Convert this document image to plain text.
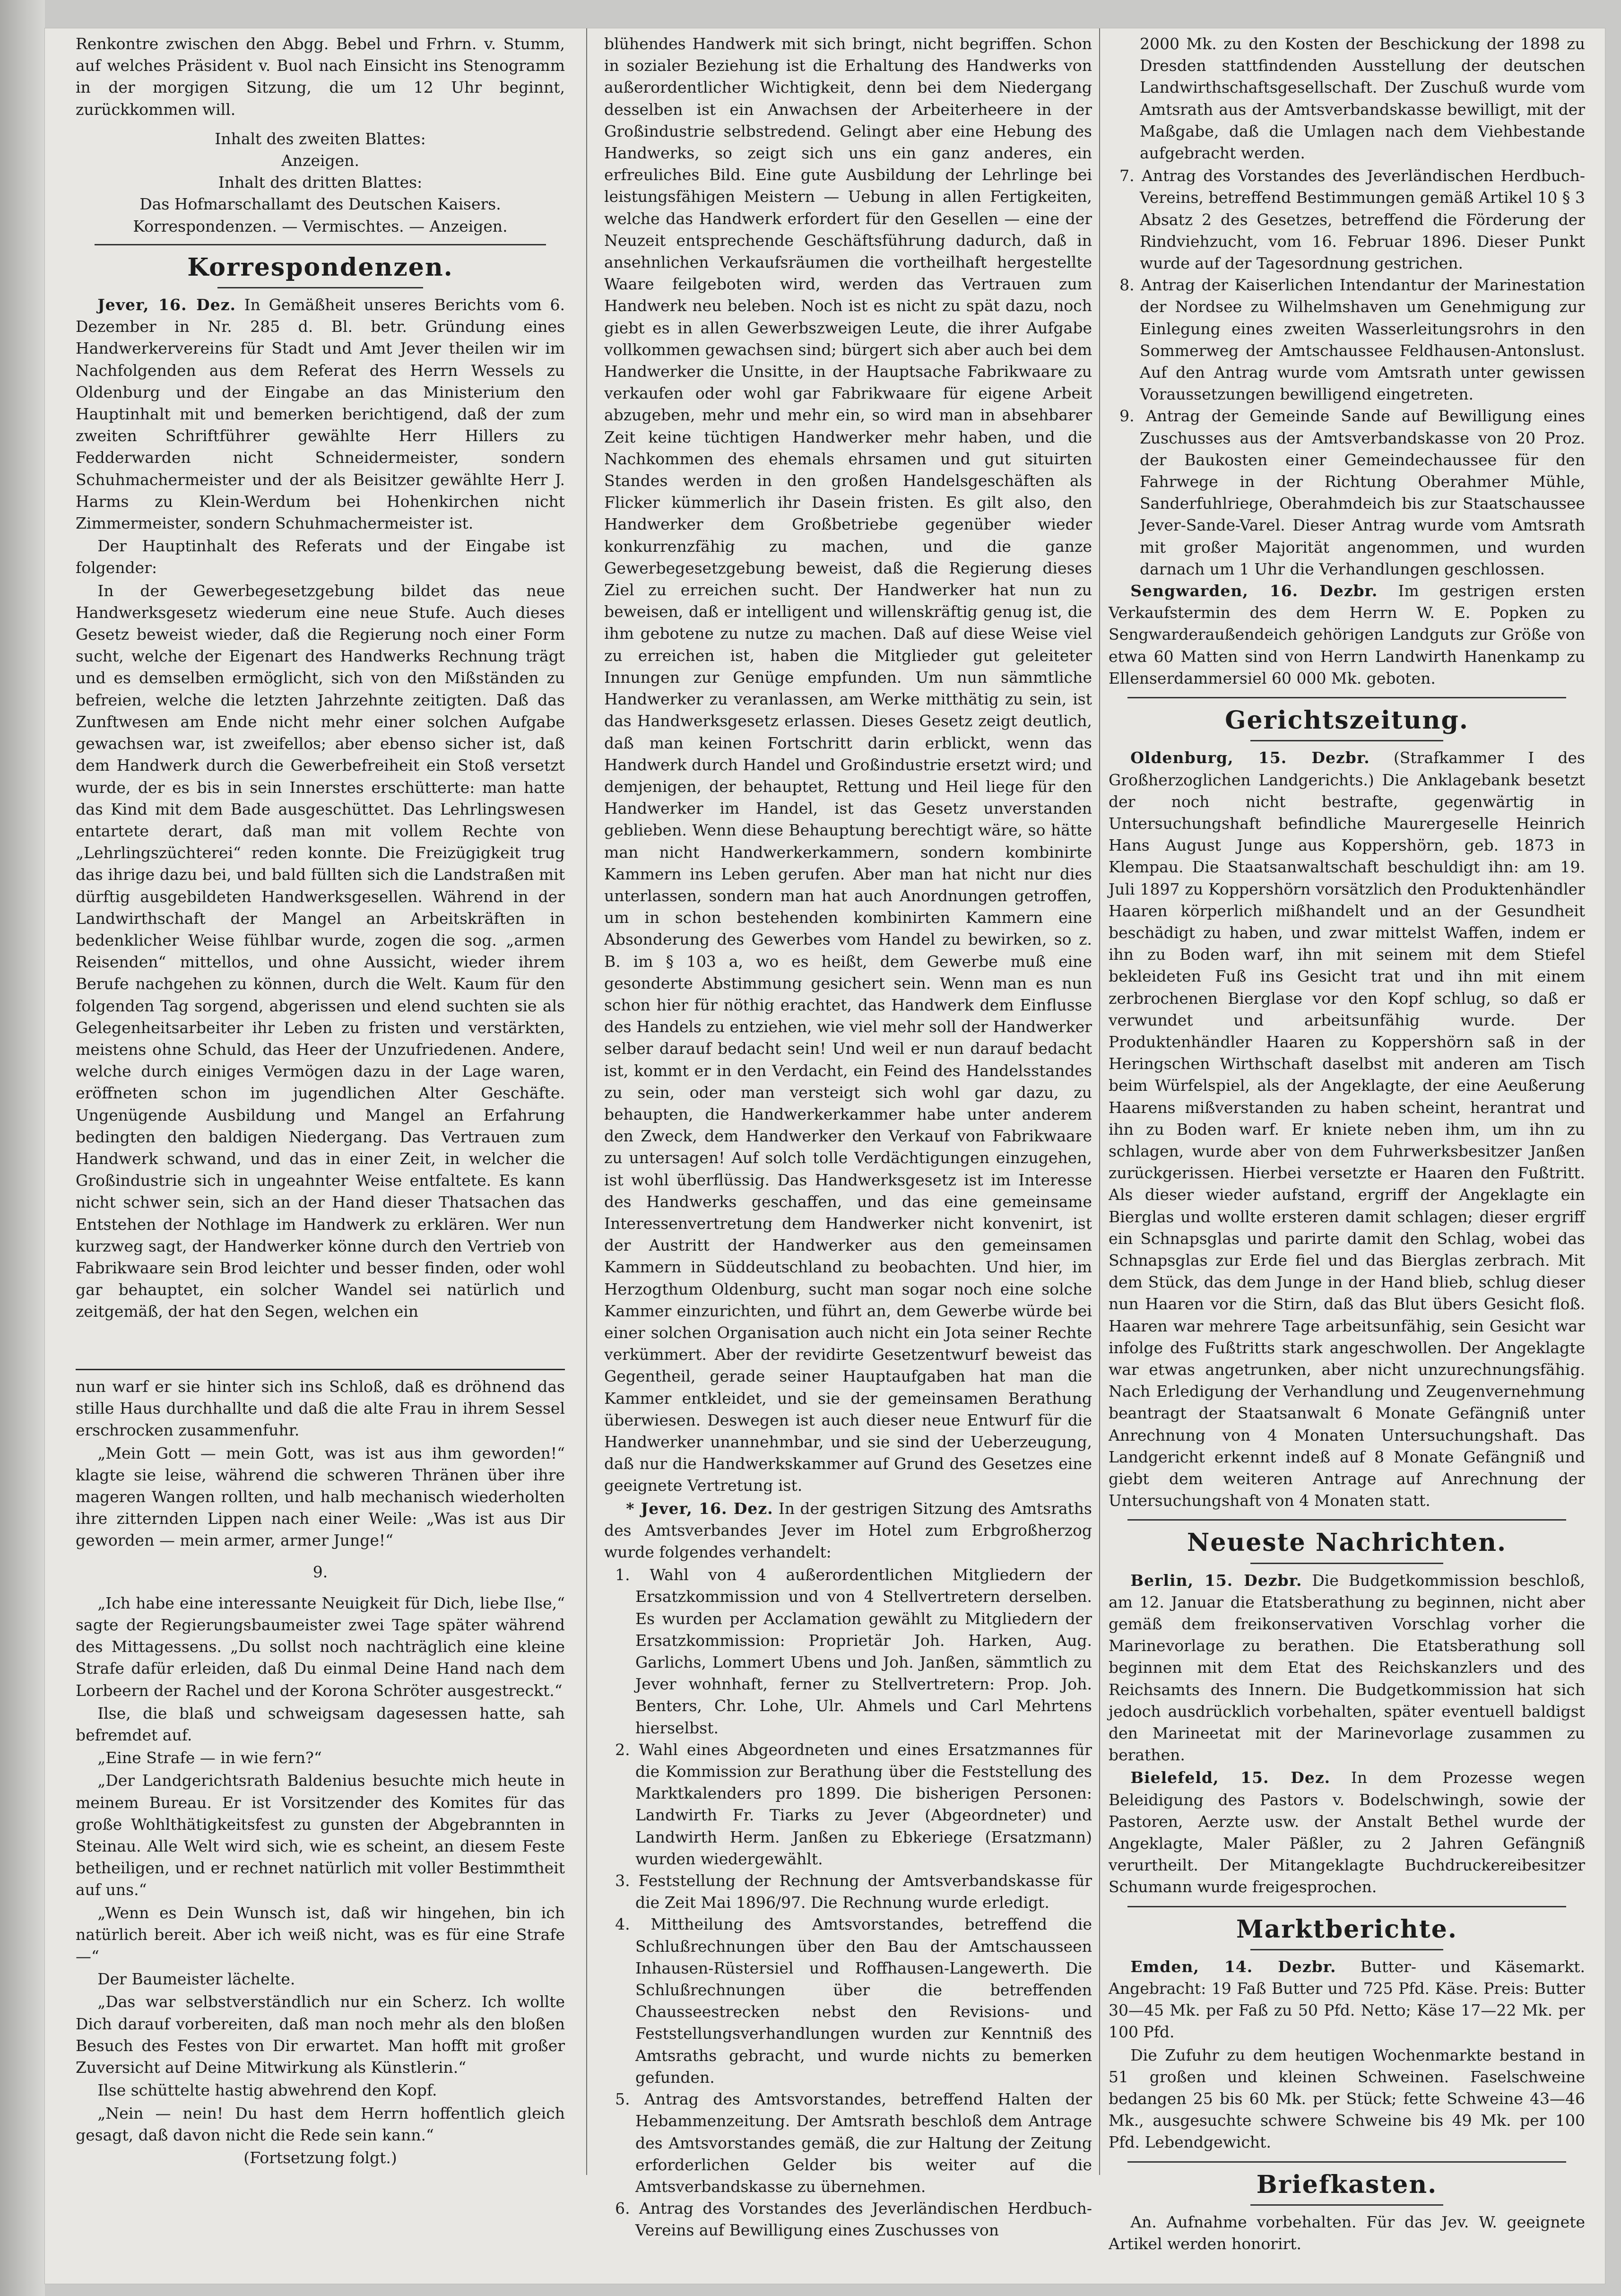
Renkontre zwischen den Abgg. Bebel und Frhrn. v. Stumm, auf welches Präsident v. Buol nach Einsicht ins Stenogramm in der morgigen Sitzung, die um 12 Uhr beginnt, zurückkommen will.

Inhalt des zweiten Blattes:

Anzeigen.

Inhalt des dritten Blattes:

Das Hofmarschallamt des Deutschen Kaisers.

Korrespondenzen. — Vermischtes. — Anzeigen.

Korrespondenzen.

Jever, 16. Dez. In Gemäßheit unseres Berichts vom 6. Dezember in Nr. 285 d. Bl. betr. Gründung eines Handwerkervereins für Stadt und Amt Jever theilen wir im Nachfolgenden aus dem Referat des Herrn Wessels zu Oldenburg und der Eingabe an das Ministerium den Hauptinhalt mit und bemerken berichtigend, daß der zum zweiten Schriftführer gewählte Herr Hillers zu Fedderwarden nicht Schneidermeister, sondern Schuhmachermeister und der als Beisitzer gewählte Herr J. Harms zu Klein-Werdum bei Hohenkirchen nicht Zimmermeister, sondern Schuhmachermeister ist.

Der Hauptinhalt des Referats und der Eingabe ist folgender:

In der Gewerbegesetzgebung bildet das neue Handwerksgesetz wiederum eine neue Stufe. Auch dieses Gesetz beweist wieder, daß die Regierung noch einer Form sucht, welche der Eigenart des Handwerks Rechnung trägt und es demselben ermöglicht, sich von den Mißständen zu befreien, welche die letzten Jahrzehnte zeitigten. Daß das Zunftwesen am Ende nicht mehr einer solchen Aufgabe gewachsen war, ist zweifellos; aber ebenso sicher ist, daß dem Handwerk durch die Gewerbefreiheit ein Stoß versetzt wurde, der es bis in sein Innerstes erschütterte: man hatte das Kind mit dem Bade ausgeschüttet. Das Lehrlingswesen entartete derart, daß man mit vollem Rechte von „Lehrlingszüchterei“ reden konnte. Die Freizügigkeit trug das ihrige dazu bei, und bald füllten sich die Landstraßen mit dürftig ausgebildeten Handwerksgesellen. Während in der Landwirthschaft der Mangel an Arbeitskräften in bedenklicher Weise fühlbar wurde, zogen die sog. „armen Reisenden“ mittellos, und ohne Aussicht, wieder ihrem Berufe nachgehen zu können, durch die Welt. Kaum für den folgenden Tag sorgend, abgerissen und elend suchten sie als Gelegenheitsarbeiter ihr Leben zu fristen und verstärkten, meistens ohne Schuld, das Heer der Unzufriedenen. Andere, welche durch einiges Vermögen dazu in der Lage waren, eröffneten schon im jugendlichen Alter Geschäfte. Ungenügende Ausbildung und Mangel an Erfahrung bedingten den baldigen Niedergang. Das Vertrauen zum Handwerk schwand, und das in einer Zeit, in welcher die Großindustrie sich in ungeahnter Weise entfaltete. Es kann nicht schwer sein, sich an der Hand dieser Thatsachen das Entstehen der Nothlage im Handwerk zu erklären. Wer nun kurzweg sagt, der Handwerker könne durch den Vertrieb von Fabrikwaare sein Brod leichter und besser finden, oder wohl gar behauptet, ein solcher Wandel sei natürlich und zeitgemäß, der hat den Segen, welchen ein

nun warf er sie hinter sich ins Schloß, daß es dröhnend das stille Haus durchhallte und daß die alte Frau in ihrem Sessel erschrocken zusammenfuhr.

„Mein Gott — mein Gott, was ist aus ihm geworden!“ klagte sie leise, während die schweren Thränen über ihre mageren Wangen rollten, und halb mechanisch wiederholten ihre zitternden Lippen nach einer Weile: „Was ist aus Dir geworden — mein armer, armer Junge!“

9.

„Ich habe eine interessante Neuigkeit für Dich, liebe Ilse,“ sagte der Regierungsbaumeister zwei Tage später während des Mittagessens. „Du sollst noch nachträglich eine kleine Strafe dafür erleiden, daß Du einmal Deine Hand nach dem Lorbeern der Rachel und der Korona Schröter ausgestreckt.“

Ilse, die blaß und schweigsam dagesessen hatte, sah befremdet auf.

„Eine Strafe — in wie fern?“

„Der Landgerichtsrath Baldenius besuchte mich heute in meinem Bureau. Er ist Vorsitzender des Komites für das große Wohlthätigkeitsfest zu gunsten der Abgebrannten in Steinau. Alle Welt wird sich, wie es scheint, an diesem Feste betheiligen, und er rechnet natürlich mit voller Bestimmtheit auf uns.“

„Wenn es Dein Wunsch ist, daß wir hingehen, bin ich natürlich bereit. Aber ich weiß nicht, was es für eine Strafe —“

Der Baumeister lächelte.

„Das war selbstverständlich nur ein Scherz. Ich wollte Dich darauf vorbereiten, daß man noch mehr als den bloßen Besuch des Festes von Dir erwartet. Man hofft mit großer Zuversicht auf Deine Mitwirkung als Künstlerin.“

Ilse schüttelte hastig abwehrend den Kopf.

„Nein — nein! Du hast dem Herrn hoffentlich gleich gesagt, daß davon nicht die Rede sein kann.“

(Fortsetzung folgt.)

blühendes Handwerk mit sich bringt, nicht begriffen. Schon in sozialer Beziehung ist die Erhaltung des Handwerks von außerordentlicher Wichtigkeit, denn bei dem Niedergang desselben ist ein Anwachsen der Arbeiterheere in der Großindustrie selbstredend. Gelingt aber eine Hebung des Handwerks, so zeigt sich uns ein ganz anderes, ein erfreuliches Bild. Eine gute Ausbildung der Lehrlinge bei leistungsfähigen Meistern — Uebung in allen Fertigkeiten, welche das Handwerk erfordert für den Gesellen — eine der Neuzeit entsprechende Geschäftsführung dadurch, daß in ansehnlichen Verkaufsräumen die vortheilhaft hergestellte Waare feilgeboten wird, werden das Vertrauen zum Handwerk neu beleben. Noch ist es nicht zu spät dazu, noch giebt es in allen Gewerbszweigen Leute, die ihrer Aufgabe vollkommen gewachsen sind; bürgert sich aber auch bei dem Handwerker die Unsitte, in der Hauptsache Fabrikwaare zu verkaufen oder wohl gar Fabrikwaare für eigene Arbeit abzugeben, mehr und mehr ein, so wird man in absehbarer Zeit keine tüchtigen Handwerker mehr haben, und die Nachkommen des ehemals ehrsamen und gut situirten Standes werden in den großen Handelsgeschäften als Flicker kümmerlich ihr Dasein fristen. Es gilt also, den Handwerker dem Großbetriebe gegenüber wieder konkurrenzfähig zu machen, und die ganze Gewerbegesetzgebung beweist, daß die Regierung dieses Ziel zu erreichen sucht. Der Handwerker hat nun zu beweisen, daß er intelligent und willenskräftig genug ist, die ihm gebotene zu nutze zu machen. Daß auf diese Weise viel zu erreichen ist, haben die Mitglieder gut geleiteter Innungen zur Genüge empfunden. Um nun sämmtliche Handwerker zu veranlassen, am Werke mitthätig zu sein, ist das Handwerksgesetz erlassen. Dieses Gesetz zeigt deutlich, daß man keinen Fortschritt darin erblickt, wenn das Handwerk durch Handel und Großindustrie ersetzt wird; und demjenigen, der behauptet, Rettung und Heil liege für den Handwerker im Handel, ist das Gesetz unverstanden geblieben. Wenn diese Behauptung berechtigt wäre, so hätte man nicht Handwerkerkammern, sondern kombinirte Kammern ins Leben gerufen. Aber man hat nicht nur dies unterlassen, sondern man hat auch Anordnungen getroffen, um in schon bestehenden kombinirten Kammern eine Absonderung des Gewerbes vom Handel zu bewirken, so z. B. im § 103 a, wo es heißt, dem Gewerbe muß eine gesonderte Abstimmung gesichert sein. Wenn man es nun schon hier für nöthig erachtet, das Handwerk dem Einflusse des Handels zu entziehen, wie viel mehr soll der Handwerker selber darauf bedacht sein! Und weil er nun darauf bedacht ist, kommt er in den Verdacht, ein Feind des Handelsstandes zu sein, oder man versteigt sich wohl gar dazu, zu behaupten, die Handwerkerkammer habe unter anderem den Zweck, dem Handwerker den Verkauf von Fabrikwaare zu untersagen! Auf solch tolle Verdächtigungen einzugehen, ist wohl überflüssig. Das Handwerksgesetz ist im Interesse des Handwerks geschaffen, und das eine gemeinsame Interessenvertretung dem Handwerker nicht konvenirt, ist der Austritt der Handwerker aus den gemeinsamen Kammern in Süddeutschland zu beobachten. Und hier, im Herzogthum Oldenburg, sucht man sogar noch eine solche Kammer einzurichten, und führt an, dem Gewerbe würde bei einer solchen Organisation auch nicht ein Jota seiner Rechte verkümmert. Aber der revidirte Gesetzentwurf beweist das Gegentheil, gerade seiner Hauptaufgaben hat man die Kammer entkleidet, und sie der gemeinsamen Berathung überwiesen. Deswegen ist auch dieser neue Entwurf für die Handwerker unannehmbar, und sie sind der Ueberzeugung, daß nur die Handwerkskammer auf Grund des Gesetzes eine geeignete Vertretung ist.

* Jever, 16. Dez. In der gestrigen Sitzung des Amtsraths des Amtsverbandes Jever im Hotel zum Erbgroßherzog wurde folgendes verhandelt:

1. Wahl von 4 außerordentlichen Mitgliedern der Ersatzkommission und von 4 Stellvertretern derselben. Es wurden per Acclamation gewählt zu Mitgliedern der Ersatzkommission: Proprietär Joh. Harken, Aug. Garlichs, Lommert Ubens und Joh. Janßen, sämmtlich zu Jever wohnhaft, ferner zu Stellvertretern: Prop. Joh. Benters, Chr. Lohe, Ulr. Ahmels und Carl Mehrtens hierselbst.
2. Wahl eines Abgeordneten und eines Ersatzmannes für die Kommission zur Berathung über die Feststellung des Marktkalenders pro 1899. Die bisherigen Personen: Landwirth Fr. Tiarks zu Jever (Abgeordneter) und Landwirth Herm. Janßen zu Ebkeriege (Ersatzmann) wurden wiedergewählt.
3. Feststellung der Rechnung der Amtsverbandskasse für die Zeit Mai 1896/97. Die Rechnung wurde erledigt.
4. Mittheilung des Amtsvorstandes, betreffend die Schlußrechnungen über den Bau der Amtschausseen Inhausen-Rüstersiel und Roffhausen-Langewerth. Die Schlußrechnungen über die betreffenden Chausseestrecken nebst den Revisions- und Feststellungsverhandlungen wurden zur Kenntniß des Amtsraths gebracht, und wurde nichts zu bemerken gefunden.
5. Antrag des Amtsvorstandes, betreffend Halten der Hebammenzeitung. Der Amtsrath beschloß dem Antrage des Amtsvorstandes gemäß, die zur Haltung der Zeitung erforderlichen Gelder bis weiter auf die Amtsverbandskasse zu übernehmen.
6. Antrag des Vorstandes des Jeverländischen Herdbuch-Vereins auf Bewilligung eines Zuschusses von

2000 Mk. zu den Kosten der Beschickung der 1898 zu Dresden stattfindenden Ausstellung der deutschen Landwirthschaftsgesellschaft. Der Zuschuß wurde vom Amtsrath aus der Amtsverbandskasse bewilligt, mit der Maßgabe, daß die Umlagen nach dem Viehbestande aufgebracht werden.

7. Antrag des Vorstandes des Jeverländischen Herdbuch-Vereins, betreffend Bestimmungen gemäß Artikel 10 § 3 Absatz 2 des Gesetzes, betreffend die Förderung der Rindviehzucht, vom 16. Februar 1896. Dieser Punkt wurde auf der Tagesordnung gestrichen.
8. Antrag der Kaiserlichen Intendantur der Marinestation der Nordsee zu Wilhelmshaven um Genehmigung zur Einlegung eines zweiten Wasserleitungsrohrs in den Sommerweg der Amtschaussee Feldhausen-Antonslust. Auf den Antrag wurde vom Amtsrath unter gewissen Voraussetzungen bewilligend eingetreten.
9. Antrag der Gemeinde Sande auf Bewilligung eines Zuschusses aus der Amtsverbandskasse von 20 Proz. der Baukosten einer Gemeindechaussee für den Fahrwege in der Richtung Oberahmer Mühle, Sanderfuhlriege, Oberahmdeich bis zur Staatschaussee Jever-Sande-Varel. Dieser Antrag wurde vom Amtsrath mit großer Majorität angenommen, und wurden darnach um 1 Uhr die Verhandlungen geschlossen.

Sengwarden, 16. Dezbr. Im gestrigen ersten Verkaufstermin des dem Herrn W. E. Popken zu Sengwarderaußendeich gehörigen Landguts zur Größe von etwa 60 Matten sind von Herrn Landwirth Hanenkamp zu Ellenserdammersiel 60 000 Mk. geboten.

Gerichtszeitung.

Oldenburg, 15. Dezbr. (Strafkammer I des Großherzoglichen Landgerichts.) Die Anklagebank besetzt der noch nicht bestrafte, gegenwärtig in Untersuchungshaft befindliche Maurergeselle Heinrich Hans August Junge aus Koppershörn, geb. 1873 in Klempau. Die Staatsanwaltschaft beschuldigt ihn: am 19. Juli 1897 zu Koppershörn vorsätzlich den Produktenhändler Haaren körperlich mißhandelt und an der Gesundheit beschädigt zu haben, und zwar mittelst Waffen, indem er ihn zu Boden warf, ihn mit seinem mit dem Stiefel bekleideten Fuß ins Gesicht trat und ihn mit einem zerbrochenen Bierglase vor den Kopf schlug, so daß er verwundet und arbeitsunfähig wurde. Der Produktenhändler Haaren zu Koppershörn saß in der Heringschen Wirthschaft daselbst mit anderen am Tisch beim Würfelspiel, als der Angeklagte, der eine Aeußerung Haarens mißverstanden zu haben scheint, herantrat und ihn zu Boden warf. Er kniete neben ihm, um ihn zu schlagen, wurde aber von dem Fuhrwerksbesitzer Janßen zurückgerissen. Hierbei versetzte er Haaren den Fußtritt. Als dieser wieder aufstand, ergriff der Angeklagte ein Bierglas und wollte ersteren damit schlagen; dieser ergriff ein Schnapsglas und parirte damit den Schlag, wobei das Schnapsglas zur Erde fiel und das Bierglas zerbrach. Mit dem Stück, das dem Junge in der Hand blieb, schlug dieser nun Haaren vor die Stirn, daß das Blut übers Gesicht floß. Haaren war mehrere Tage arbeitsunfähig, sein Gesicht war infolge des Fußtritts stark angeschwollen. Der Angeklagte war etwas angetrunken, aber nicht unzurechnungsfähig. Nach Erledigung der Verhandlung und Zeugenvernehmung beantragt der Staatsanwalt 6 Monate Gefängniß unter Anrechnung von 4 Monaten Untersuchungshaft. Das Landgericht erkennt indeß auf 8 Monate Gefängniß und giebt dem weiteren Antrage auf Anrechnung der Untersuchungshaft von 4 Monaten statt.

Neueste Nachrichten.

Berlin, 15. Dezbr. Die Budgetkommission beschloß, am 12. Januar die Etatsberathung zu beginnen, nicht aber gemäß dem freikonservativen Vorschlag vorher die Marinevorlage zu berathen. Die Etatsberathung soll beginnen mit dem Etat des Reichskanzlers und des Reichsamts des Innern. Die Budgetkommission hat sich jedoch ausdrücklich vorbehalten, später eventuell baldigst den Marineetat mit der Marinevorlage zusammen zu berathen.

Bielefeld, 15. Dez. In dem Prozesse wegen Beleidigung des Pastors v. Bodelschwingh, sowie der Pastoren, Aerzte usw. der Anstalt Bethel wurde der Angeklagte, Maler Päßler, zu 2 Jahren Gefängniß verurtheilt. Der Mitangeklagte Buchdruckereibesitzer Schumann wurde freigesprochen.

Marktberichte.

Emden, 14. Dezbr. Butter- und Käsemarkt. Angebracht: 19 Faß Butter und 725 Pfd. Käse. Preis: Butter 30—45 Mk. per Faß zu 50 Pfd. Netto; Käse 17—22 Mk. per 100 Pfd.

Die Zufuhr zu dem heutigen Wochenmarkte bestand in 51 großen und kleinen Schweinen. Faselschweine bedangen 25 bis 60 Mk. per Stück; fette Schweine 43—46 Mk., ausgesuchte schwere Schweine bis 49 Mk. per 100 Pfd. Lebendgewicht.

Briefkasten.

An. Aufnahme vorbehalten. Für das Jev. W. geeignete Artikel werden honorirt.
